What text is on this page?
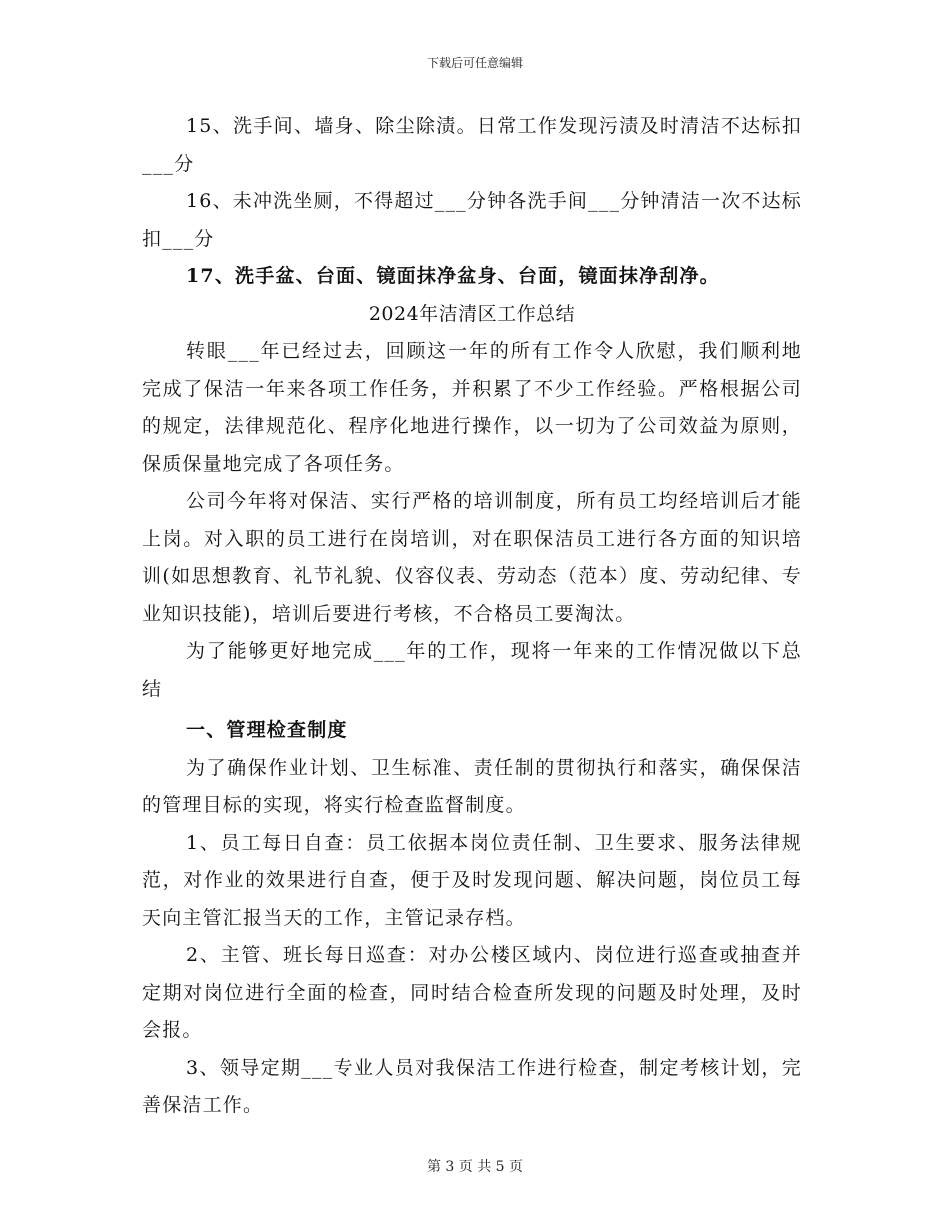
下载后可任意编辑

15、洗手间、墙身、除尘除渍。日常工作发现污渍及时清洁不达标扣___分

16、未冲洗坐厕，不得超过___分钟各洗手间___分钟清洁一次不达标扣___分

17、洗手盆、台面、镜面抹净盆身、台面，镜面抹净刮净。

2024年洁清区工作总结

转眼___年已经过去，回顾这一年的所有工作令人欣慰，我们顺利地完成了保洁一年来各项工作任务，并积累了不少工作经验。严格根据公司的规定，法律规范化、程序化地进行操作，以一切为了公司效益为原则，保质保量地完成了各项任务。

公司今年将对保洁、实行严格的培训制度，所有员工均经培训后才能上岗。对入职的员工进行在岗培训，对在职保洁员工进行各方面的知识培训(如思想教育、礼节礼貌、仪容仪表、劳动态（范本）度、劳动纪律、专业知识技能)，培训后要进行考核，不合格员工要淘汰。

为了能够更好地完成___年的工作，现将一年来的工作情况做以下总结

一、管理检查制度

为了确保作业计划、卫生标准、责任制的贯彻执行和落实，确保保洁的管理目标的实现，将实行检查监督制度。

1、员工每日自查：员工依据本岗位责任制、卫生要求、服务法律规范，对作业的效果进行自查，便于及时发现问题、解决问题，岗位员工每天向主管汇报当天的工作，主管记录存档。

2、主管、班长每日巡查：对办公楼区域内、岗位进行巡查或抽查并定期对岗位进行全面的检查，同时结合检查所发现的问题及时处理，及时会报。

3、领导定期___专业人员对我保洁工作进行检查，制定考核计划，完善保洁工作。

第 3 页 共 5 页
